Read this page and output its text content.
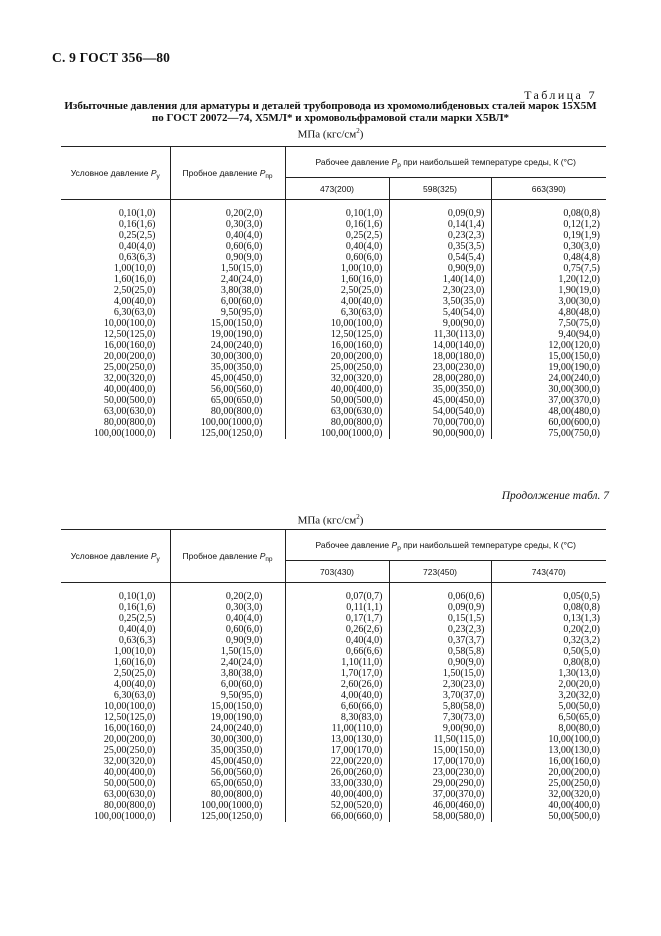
С. 9 ГОСТ 356—80
Таблица 7
Избыточные давления для арматуры и деталей трубопровода из хромомолибденовых сталей марок 15Х5М
по ГОСТ 20072—74, Х5МЛ* и хромовольфрамовой стали марки Х5ВЛ*
МПа $(кгс/см^2)$
Условное давление $P_у$	Пробное давление $P_{пр}$	Рабочее давление $P_р$ при наибольшей температуре среды, К (°С)		
		473(200)	598(325)	663(390)
0,10(1,0)	0,20(2,0)	0,10(1,0)	0,09(0,9)	0,08(0,8)
0,16(1,6)	0,30(3,0)	0,16(1,6)	0,14(1,4)	0,12(1,2)
0,25(2,5)	0,40(4,0)	0,25(2,5)	0,23(2,3)	0,19(1,9)
0,40(4,0)	0,60(6,0)	0,40(4,0)	0,35(3,5)	0,30(3,0)
0,63(6,3)	0,90(9,0)	0,60(6,0)	0,54(5,4)	0,48(4,8)
1,00(10,0)	1,50(15,0)	1,00(10,0)	0,90(9,0)	0,75(7,5)
1,60(16,0)	2,40(24,0)	1,60(16,0)	1,40(14,0)	1,20(12,0)
2,50(25,0)	3,80(38,0)	2,50(25,0)	2,30(23,0)	1,90(19,0)
4,00(40,0)	6,00(60,0)	4,00(40,0)	3,50(35,0)	3,00(30,0)
6,30(63,0)	9,50(95,0)	6,30(63,0)	5,40(54,0)	4,80(48,0)
10,00(100,0)	15,00(150,0)	10,00(100,0)	9,00(90,0)	7,50(75,0)
12,50(125,0)	19,00(190,0)	12,50(125,0)	11,30(113,0)	9,40(94,0)
16,00(160,0)	24,00(240,0)	16,00(160,0)	14,00(140,0)	12,00(120,0)
20,00(200,0)	30,00(300,0)	20,00(200,0)	18,00(180,0)	15,00(150,0)
25,00(250,0)	35,00(350,0)	25,00(250,0)	23,00(230,0)	19,00(190,0)
32,00(320,0)	45,00(450,0)	32,00(320,0)	28,00(280,0)	24,00(240,0)
40,00(400,0)	56,00(560,0)	40,00(400,0)	35,00(350,0)	30,00(300,0)
50,00(500,0)	65,00(650,0)	50,00(500,0)	45,00(450,0)	37,00(370,0)
63,00(630,0)	80,00(800,0)	63,00(630,0)	54,00(540,0)	48,00(480,0)
80,00(800,0)	100,00(1000,0)	80,00(800,0)	70,00(700,0)	60,00(600,0)
100,00(1000,0)	125,00(1250,0)	100,00(1000,0)	90,00(900,0)	75,00(750,0)
Продолжение табл. 7
МПа $(кгс/см^2)$
Условное давление $P_у$	Пробное давление $P_{пр}$	Рабочее давление $P_р$ при наибольшей температуре среды, К (°С)		
		703(430)	723(450)	743(470)
0,10(1,0)	0,20(2,0)	0,07(0,7)	0,06(0,6)	0,05(0,5)
0,16(1,6)	0,30(3,0)	0,11(1,1)	0,09(0,9)	0,08(0,8)
0,25(2,5)	0,40(4,0)	0,17(1,7)	0,15(1,5)	0,13(1,3)
0,40(4,0)	0,60(6,0)	0,26(2,6)	0,23(2,3)	0,20(2,0)
0,63(6,3)	0,90(9,0)	0,40(4,0)	0,37(3,7)	0,32(3,2)
1,00(10,0)	1,50(15,0)	0,66(6,6)	0,58(5,8)	0,50(5,0)
1,60(16,0)	2,40(24,0)	1,10(11,0)	0,90(9,0)	0,80(8,0)
2,50(25,0)	3,80(38,0)	1,70(17,0)	1,50(15,0)	1,30(13,0)
4,00(40,0)	6,00(60,0)	2,60(26,0)	2,30(23,0)	2,00(20,0)
6,30(63,0)	9,50(95,0)	4,00(40,0)	3,70(37,0)	3,20(32,0)
10,00(100,0)	15,00(150,0)	6,60(66,0)	5,80(58,0)	5,00(50,0)
12,50(125,0)	19,00(190,0)	8,30(83,0)	7,30(73,0)	6,50(65,0)
16,00(160,0)	24,00(240,0)	11,00(110,0)	9,00(90,0)	8,00(80,0)
20,00(200,0)	30,00(300,0)	13,00(130,0)	11,50(115,0)	10,00(100,0)
25,00(250,0)	35,00(350,0)	17,00(170,0)	15,00(150,0)	13,00(130,0)
32,00(320,0)	45,00(450,0)	22,00(220,0)	17,00(170,0)	16,00(160,0)
40,00(400,0)	56,00(560,0)	26,00(260,0)	23,00(230,0)	20,00(200,0)
50,00(500,0)	65,00(650,0)	33,00(330,0)	29,00(290,0)	25,00(250,0)
63,00(630,0)	80,00(800,0)	40,00(400,0)	37,00(370,0)	32,00(320,0)
80,00(800,0)	100,00(1000,0)	52,00(520,0)	46,00(460,0)	40,00(400,0)
100,00(1000,0)	125,00(1250,0)	66,00(660,0)	58,00(580,0)	50,00(500,0)
